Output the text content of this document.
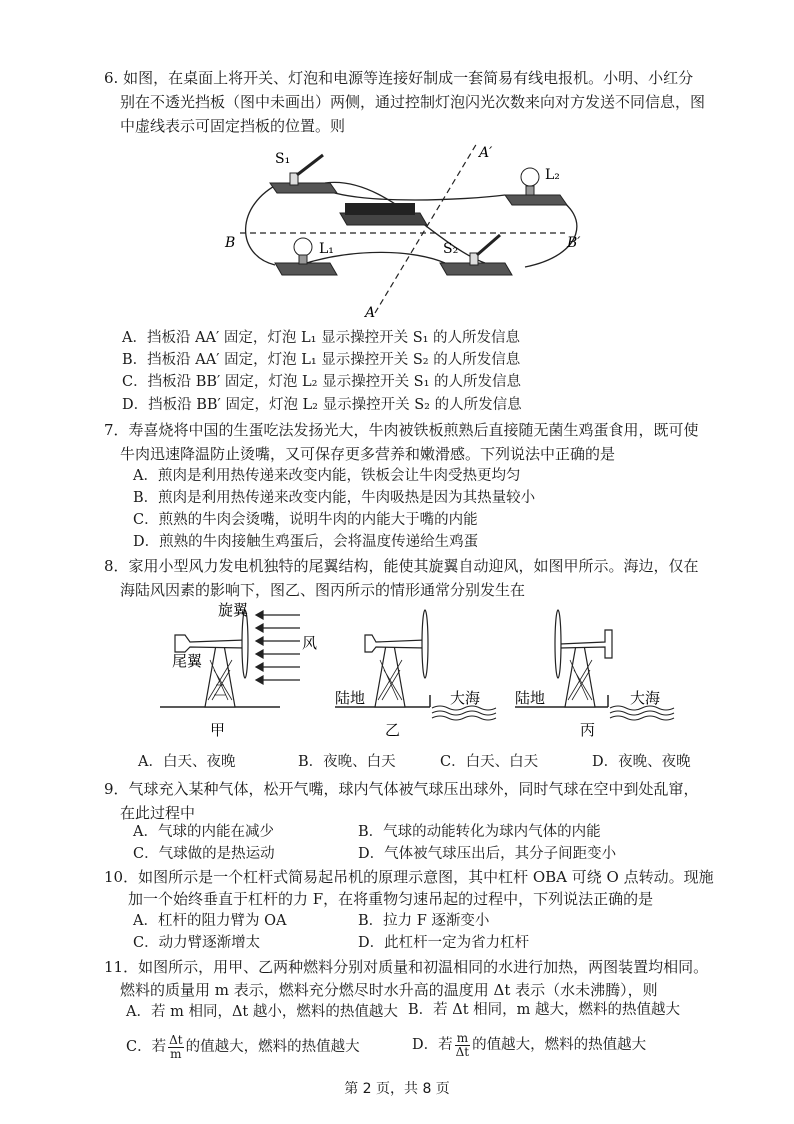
6. 如图，在桌面上将开关、灯泡和电源等连接好制成一套简易有线电报机。小明、小红分
别在不透光挡板（图中未画出）两侧，通过控制灯泡闪光次数来向对方发送不同信息，图
中虚线表示可固定挡板的位置。则
S₁
L₂
L₁	S₂
A′
A
B	B′
A．挡板沿 AA′ 固定，灯泡 L₁ 显示操控开关 S₁ 的人所发信息
B．挡板沿 AA′ 固定，灯泡 L₁ 显示操控开关 S₂ 的人所发信息
C．挡板沿 BB′ 固定，灯泡 L₂ 显示操控开关 S₁ 的人所发信息
D．挡板沿 BB′ 固定，灯泡 L₂ 显示操控开关 S₂ 的人所发信息
7．寿喜烧将中国的生蛋吃法发扬光大，牛肉被铁板煎熟后直接随无菌生鸡蛋食用，既可使
牛肉迅速降温防止烫嘴，又可保存更多营养和嫩滑感。下列说法中正确的是
A．煎肉是利用热传递来改变内能，铁板会让牛肉受热更均匀
B．煎肉是利用热传递来改变内能，牛肉吸热是因为其热量较小
C．煎熟的牛肉会烫嘴，说明牛肉的内能大于嘴的内能
D．煎熟的牛肉接触生鸡蛋后，会将温度传递给生鸡蛋
8．家用小型风力发电机独特的尾翼结构，能使其旋翼自动迎风，如图甲所示。海边，仅在
海陆风因素的影响下，图乙、图丙所示的情形通常分别发生在
旋翼
尾翼
风
甲
陆地	大海
乙
陆地	大海
丙
A．白天、夜晚	B．夜晚、白天	C．白天、白天	D．夜晚、夜晚
9．气球充入某种气体，松开气嘴，球内气体被气球压出球外，同时气球在空中到处乱窜，
在此过程中
A．气球的内能在减少	B．气球的动能转化为球内气体的内能
C．气球做的是热运动	D．气体被气球压出后，其分子间距变小
10．如图所示是一个杠杆式简易起吊机的原理示意图，其中杠杆 OBA 可绕 O 点转动。现施
加一个始终垂直于杠杆的力 F，在将重物匀速吊起的过程中，下列说法正确的是
A．杠杆的阻力臂为 OA	B．拉力 F 逐渐变小
C．动力臂逐渐增太	D．此杠杆一定为省力杠杆
11．如图所示，用甲、乙两种燃料分别对质量和初温相同的水进行加热，两图装置均相同。
燃料的质量用 m 表示，燃料充分燃尽时水升高的温度用 Δt 表示（水未沸腾），则
A．若 m 相同，Δt 越小，燃料的热值越大 B．若 Δt 相同，m 越大，燃料的热值越大
C．若 $\frac{\Delta t}{m}$ 的值越大，燃料的热值越大	D．若 $\frac{m}{\Delta t}$ 的值越大，燃料的热值越大
第 2 页，共 8 页
